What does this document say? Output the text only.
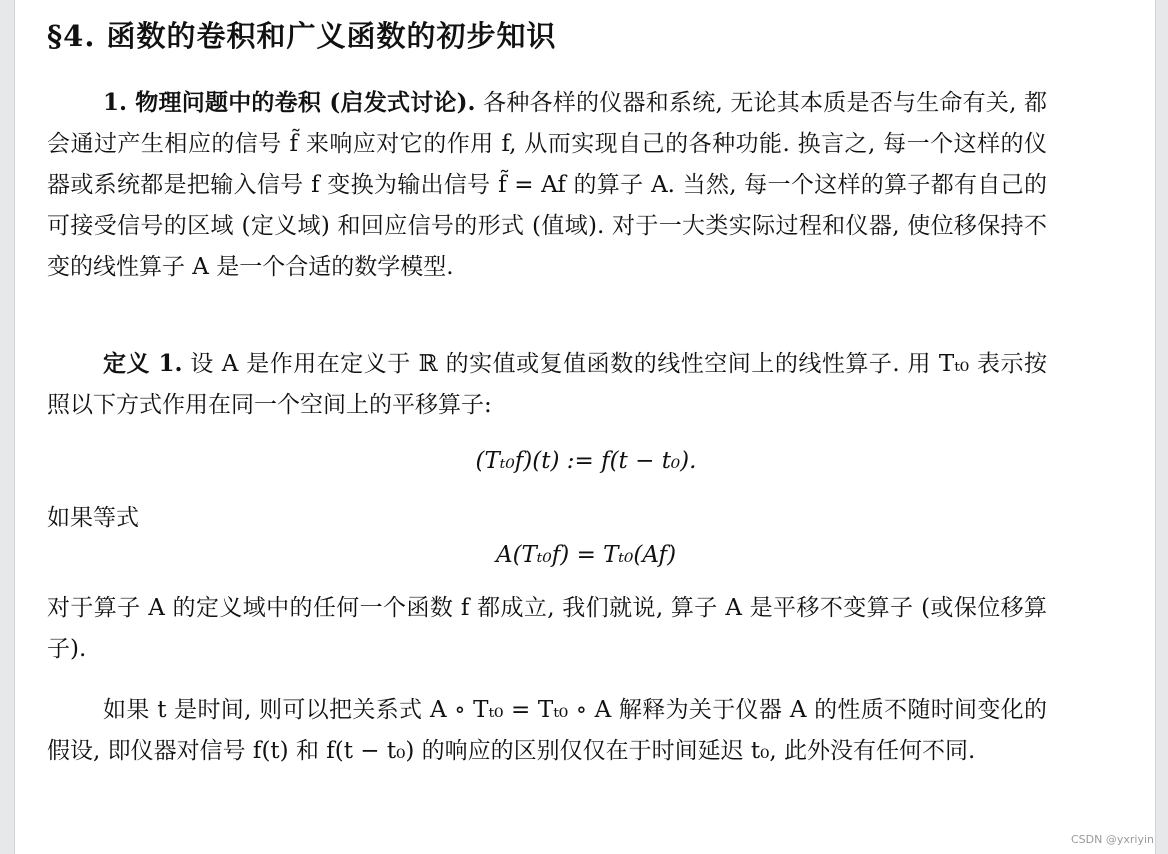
§4. 函数的卷积和广义函数的初步知识

1. 物理问题中的卷积 (启发式讨论). 各种各样的仪器和系统, 无论其本质是否与生命有关, 都会通过产生相应的信号 f̃ 来响应对它的作用 f, 从而实现自己的各种功能. 换言之, 每一个这样的仪器或系统都是把输入信号 f 变换为输出信号 f̃ = Af 的算子 A. 当然, 每一个这样的算子都有自己的可接受信号的区域 (定义域) 和回应信号的形式 (值域). 对于一大类实际过程和仪器, 使位移保持不变的线性算子 A 是一个合适的数学模型.

定义 1. 设 A 是作用在定义于 ℝ 的实值或复值函数的线性空间上的线性算子. 用 Tₜ₀ 表示按照以下方式作用在同一个空间上的平移算子:

(Tₜ₀f)(t) := f(t − t₀).

如果等式

A(Tₜ₀f) = Tₜ₀(Af)

对于算子 A 的定义域中的任何一个函数 f 都成立, 我们就说, 算子 A 是平移不变算子 (或保位移算子).

如果 t 是时间, 则可以把关系式 A ∘ Tₜ₀ = Tₜ₀ ∘ A 解释为关于仪器 A 的性质不随时间变化的假设, 即仪器对信号 f(t) 和 f(t − t₀) 的响应的区别仅仅在于时间延迟 t₀, 此外没有任何不同.

CSDN @yxriyin
